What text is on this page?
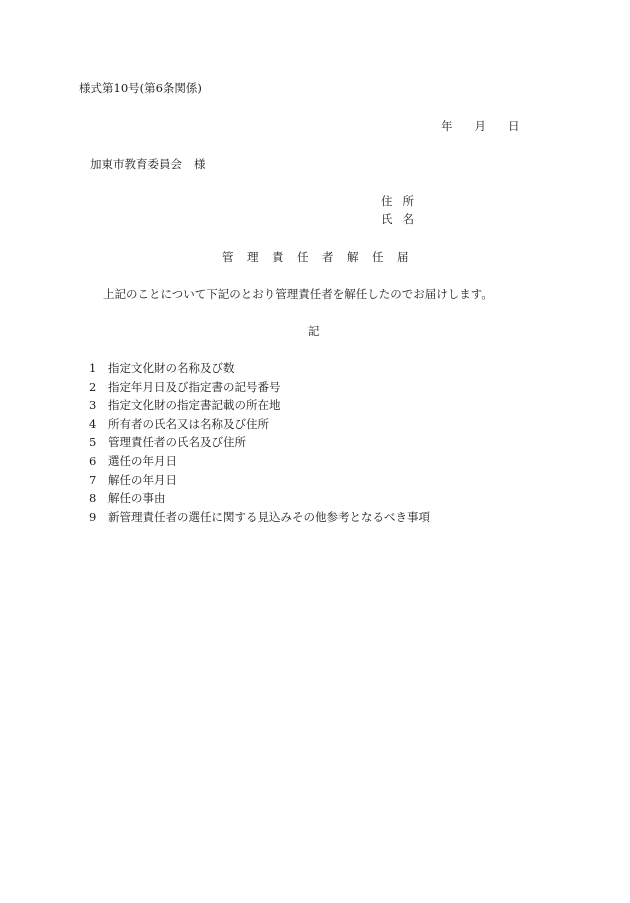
様式第10号(第6条関係)
年 月 日
加東市教育委員会 様
住所
氏名
管理責任者解任届
上記のことについて下記のとおり管理責任者を解任したのでお届けします。
記
1 指定文化財の名称及び数
2 指定年月日及び指定書の記号番号
3 指定文化財の指定書記載の所在地
4 所有者の氏名又は名称及び住所
5 管理責任者の氏名及び住所
6 選任の年月日
7 解任の年月日
8 解任の事由
9 新管理責任者の選任に関する見込みその他参考となるべき事項
